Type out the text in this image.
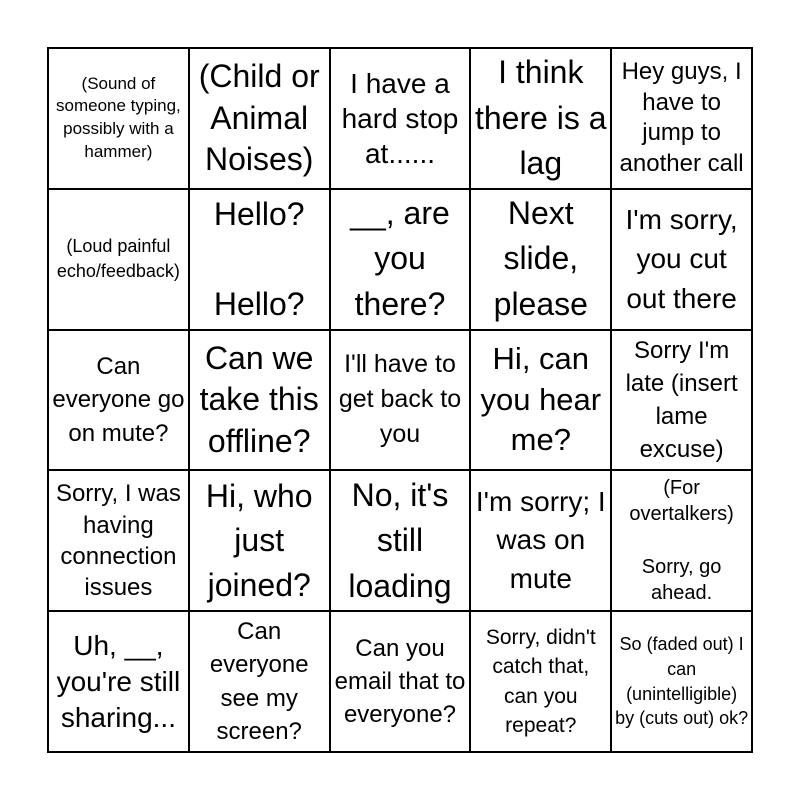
(Sound of someone typing, possibly with a hammer)
(Child or Animal Noises)
I have a hard stop at......
I think there is a lag
Hey guys, I have to jump to another call
(Loud painful echo/feedback)
Hello?

Hello?
__, are you there?
Next slide, please
I'm sorry, you cut out there
Can everyone go on mute?
Can we take this offline?
I'll have to get back to you
Hi, can you hear me?
Sorry I'm late (insert lame excuse)
Sorry, I was having connection issues
Hi, who just joined?
No, it's still loading
I'm sorry; I was on mute
(For overtalkers)

Sorry, go ahead.
Uh, __, you're still sharing...
Can everyone see my screen?
Can you email that to everyone?
Sorry, didn't catch that, can you repeat?
So (faded out) I can (unintelligible) by (cuts out) ok?
